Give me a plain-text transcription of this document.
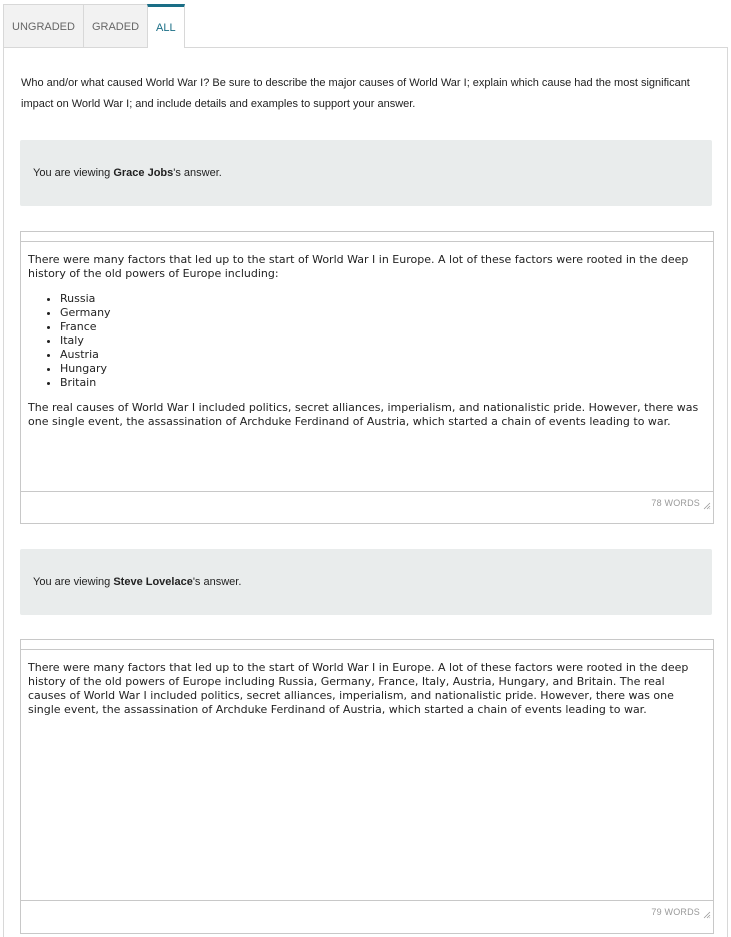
UNGRADED	GRADED	ALL
Who and/or what caused World War I? Be sure to describe the major causes of World War I; explain which cause had the most significant impact on World War I; and include details and examples to support your answer.
You are viewing
Grace Jobs 's answer.

There were many factors that led up to the start of World War I in Europe. A lot of these factors were rooted in the deep history of the old powers of Europe including:

• Russia
• Germany
• France
• Italy
• Austria
• Hungary
• Britain

The real causes of World War I included politics, secret alliances, imperialism, and nationalistic pride. However, there was one single event, the assassination of Archduke Ferdinand of Austria, which started a chain of events leading to war.

78 WORDS
You are viewing
Steve Lovelace 's answer.

There were many factors that led up to the start of World War I in Europe. A lot of these factors were rooted in the deep history of the old powers of Europe including Russia, Germany, France, Italy, Austria, Hungary, and Britain. The real causes of World War I included politics, secret alliances, imperialism, and nationalistic pride. However, there was one single event, the assassination of Archduke Ferdinand of Austria, which started a chain of events leading to war.

79 WORDS
